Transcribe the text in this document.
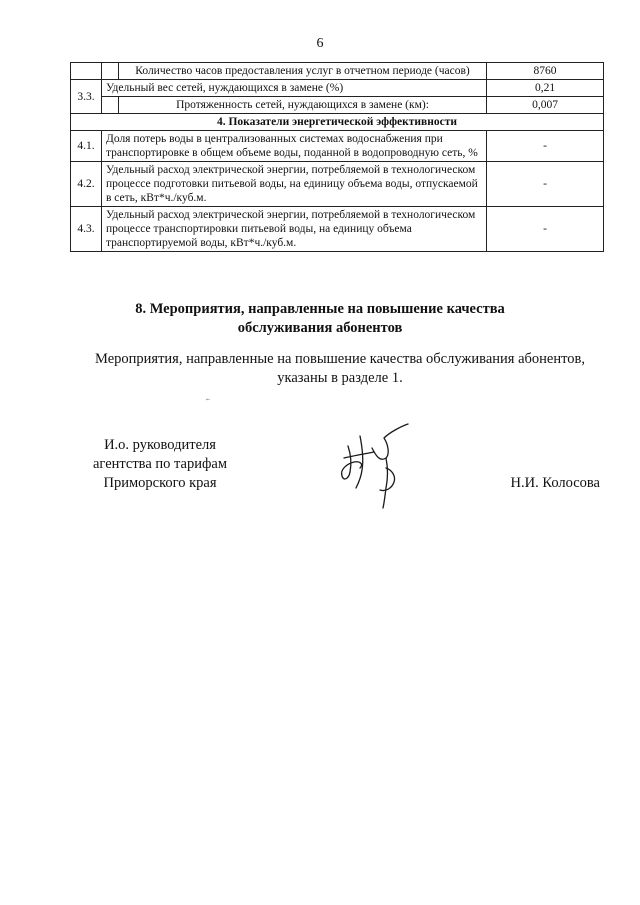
6
		Количество часов предоставления услуг в отчетном периоде (часов)	8760
3.3.	Удельный вес сетей, нуждающихся в замене (%)		0,21
		Протяженность сетей, нуждающихся в замене (км):	0,007
4. Показатели энергетической эффективности			
4.1.	Доля потерь воды в централизованных системах водоснабжения при транспортировке в общем объеме воды, поданной в водопроводную сеть, %		-
4.2.	Удельный расход электрической энергии, потребляемой в технологическом процессе подготовки питьевой воды, на единицу объема воды, отпускаемой в сеть, кВт*ч./куб.м.		-
4.3.	Удельный расход электрической энергии, потребляемой в технологическом процессе транспортировки питьевой воды, на единицу объема транспортируемой воды, кВт*ч./куб.м.		-
8. Мероприятия, направленные на повышение качества
обслуживания абонентов
Мероприятия, направленные на повышение качества обслуживания абонентов,
указаны в разделе 1.
И.о. руководителя
агентства по тарифам
Приморского края	Н.И. Колосова
